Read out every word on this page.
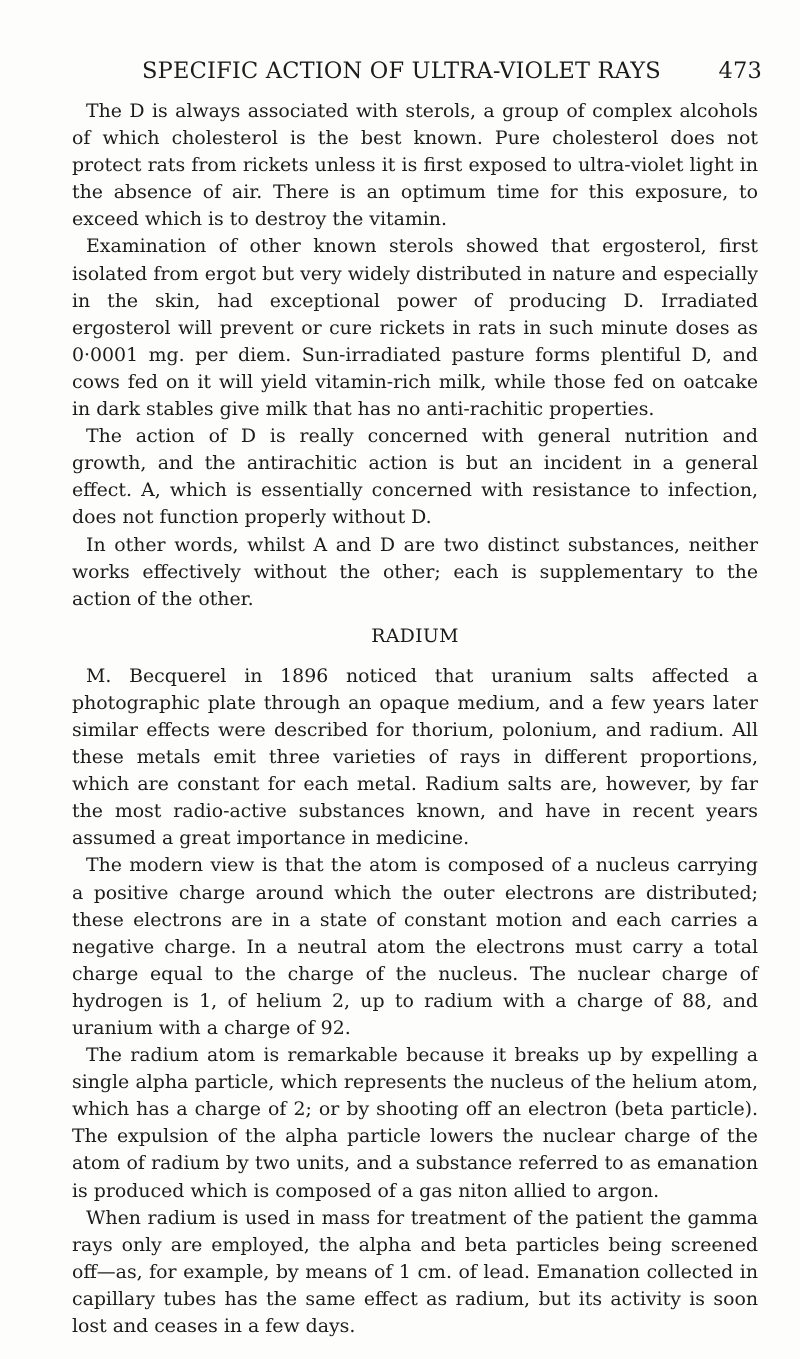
SPECIFIC ACTION OF ULTRA-VIOLET RAYS	473

The D is always associated with sterols, a group of complex alcohols of which cholesterol is the best known. Pure cholesterol does not protect rats from rickets unless it is first exposed to ultra-violet light in the absence of air. There is an optimum time for this exposure, to exceed which is to destroy the vitamin.

Examination of other known sterols showed that ergosterol, first isolated from ergot but very widely distributed in nature and especially in the skin, had exceptional power of producing D. Irradiated ergosterol will prevent or cure rickets in rats in such minute doses as 0·0001 mg. per diem. Sun-irradiated pasture forms plentiful D, and cows fed on it will yield vitamin-rich milk, while those fed on oatcake in dark stables give milk that has no anti-rachitic properties.

The action of D is really concerned with general nutrition and growth, and the antirachitic action is but an incident in a general effect. A, which is essentially concerned with resistance to infection, does not function properly without D.

In other words, whilst A and D are two distinct substances, neither works effectively without the other; each is supplementary to the action of the other.

RADIUM

M. Becquerel in 1896 noticed that uranium salts affected a photographic plate through an opaque medium, and a few years later similar effects were described for thorium, polonium, and radium. All these metals emit three varieties of rays in different proportions, which are constant for each metal. Radium salts are, however, by far the most radio-active substances known, and have in recent years assumed a great importance in medicine.

The modern view is that the atom is composed of a nucleus carrying a positive charge around which the outer electrons are distributed; these electrons are in a state of constant motion and each carries a negative charge. In a neutral atom the electrons must carry a total charge equal to the charge of the nucleus. The nuclear charge of hydrogen is 1, of helium 2, up to radium with a charge of 88, and uranium with a charge of 92.

The radium atom is remarkable because it breaks up by expelling a single alpha particle, which represents the nucleus of the helium atom, which has a charge of 2; or by shooting off an electron (beta particle). The expulsion of the alpha particle lowers the nuclear charge of the atom of radium by two units, and a substance referred to as emanation is produced which is composed of a gas niton allied to argon.

When radium is used in mass for treatment of the patient the gamma rays only are employed, the alpha and beta particles being screened off—as, for example, by means of 1 cm. of lead. Emanation collected in capillary tubes has the same effect as radium, but its activity is soon lost and ceases in a few days.
